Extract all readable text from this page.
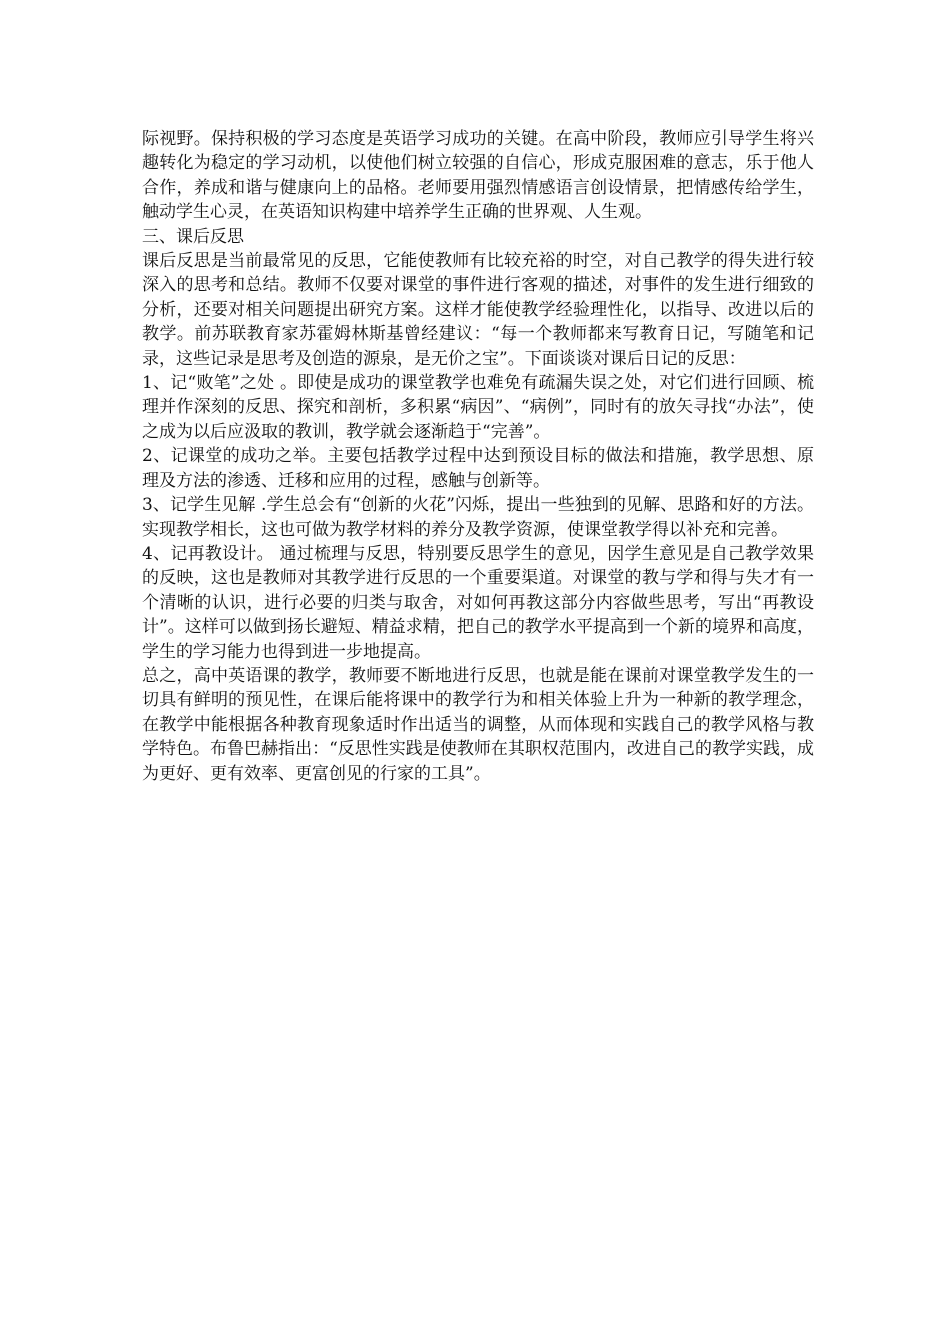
际视野。保持积极的学习态度是英语学习成功的关键。在高中阶段，教师应引导学生将兴趣转化为稳定的学习动机，以使他们树立较强的自信心，形成克服困难的意志，乐于他人合作，养成和谐与健康向上的品格。老师要用强烈情感语言创设情景，把情感传给学生，触动学生心灵，在英语知识构建中培养学生正确的世界观、人生观。

三、课后反思

课后反思是当前最常见的反思，它能使教师有比较充裕的时空，对自己教学的得失进行较深入的思考和总结。教师不仅要对课堂的事件进行客观的描述，对事件的发生进行细致的分析，还要对相关问题提出研究方案。这样才能使教学经验理性化，以指导、改进以后的教学。前苏联教育家苏霍姆林斯基曾经建议：“每一个教师都来写教育日记，写随笔和记录，这些记录是思考及创造的源泉，是无价之宝”。下面谈谈对课后日记的反思：

1、记“败笔”之处 。即使是成功的课堂教学也难免有疏漏失误之处，对它们进行回顾、梳理并作深刻的反思、探究和剖析，多积累“病因”、“病例”，同时有的放矢寻找“办法”，使之成为以后应汲取的教训，教学就会逐渐趋于“完善”。

2、记课堂的成功之举。主要包括教学过程中达到预设目标的做法和措施，教学思想、原理及方法的渗透、迁移和应用的过程，感触与创新等。

3、记学生见解 .学生总会有“创新的火花”闪烁，提出一些独到的见解、思路和好的方法。实现教学相长，这也可做为教学材料的养分及教学资源，使课堂教学得以补充和完善。

4、记再教设计。 通过梳理与反思，特别要反思学生的意见，因学生意见是自己教学效果的反映，这也是教师对其教学进行反思的一个重要渠道。对课堂的教与学和得与失才有一个清晰的认识，进行必要的归类与取舍，对如何再教这部分内容做些思考，写出“再教设计”。这样可以做到扬长避短、精益求精，把自己的教学水平提高到一个新的境界和高度，学生的学习能力也得到进一步地提高。

总之，高中英语课的教学，教师要不断地进行反思，也就是能在课前对课堂教学发生的一切具有鲜明的预见性，在课后能将课中的教学行为和相关体验上升为一种新的教学理念，在教学中能根据各种教育现象适时作出适当的调整，从而体现和实践自己的教学风格与教学特色。布鲁巴赫指出：“反思性实践是使教师在其职权范围内，改进自己的教学实践，成为更好、更有效率、更富创见的行家的工具”。
